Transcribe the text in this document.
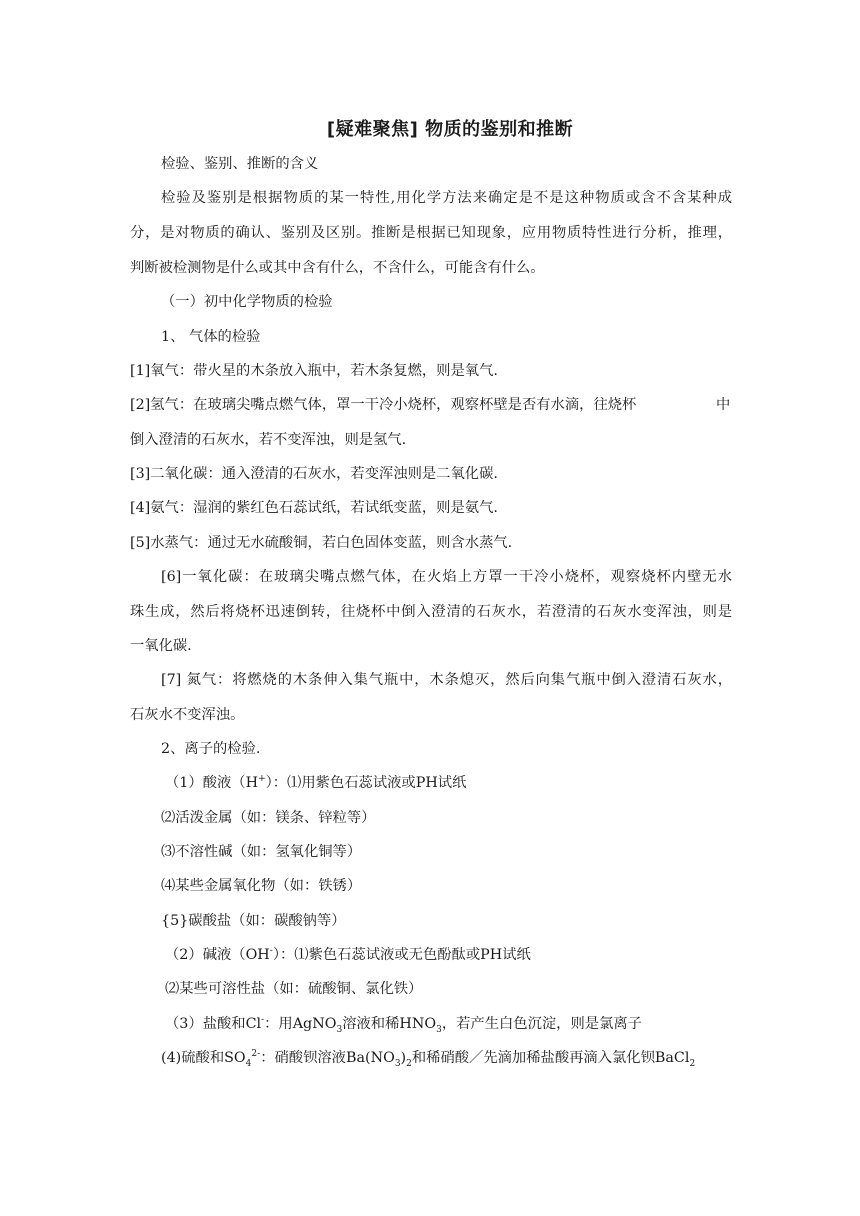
[疑难聚焦] 物质的鉴别和推断
检验、鉴别、推断的含义
检验及鉴别是根据物质的某一特性,用化学方法来确定是不是这种物质或含不含某种成
分，是对物质的确认、鉴别及区别。推断是根据已知现象，应用物质特性进行分析，推理，
判断被检测物是什么或其中含有什么，不含什么，可能含有什么。
（一）初中化学物质的检验
1、 气体的检验
[1]氧气：带火星的木条放入瓶中，若木条复燃，则是氧气.
[2]氢气：在玻璃尖嘴点燃气体，罩一干冷小烧杯，观察杯壁是否有水滴，往烧杯	中
倒入澄清的石灰水，若不变浑浊，则是氢气.
[3]二氧化碳：通入澄清的石灰水，若变浑浊则是二氧化碳.
[4]氨气：湿润的紫红色石蕊试纸，若试纸变蓝，则是氨气.
[5]水蒸气：通过无水硫酸铜，若白色固体变蓝，则含水蒸气.
[6]一氧化碳：在玻璃尖嘴点燃气体，在火焰上方罩一干冷小烧杯，观察烧杯内壁无水
珠生成，然后将烧杯迅速倒转，往烧杯中倒入澄清的石灰水，若澄清的石灰水变浑浊，则是
一氧化碳.
[7] 氮气：将燃烧的木条伸入集气瓶中，木条熄灭，然后向集气瓶中倒入澄清石灰水，
石灰水不变浑浊。
2、离子的检验.
（1）酸液（H+）：⑴用紫色石蕊试液或PH试纸
⑵活泼金属（如：镁条、锌粒等）
⑶不溶性碱（如：氢氧化铜等）
⑷某些金属氧化物（如：铁锈）
{5}碳酸盐（如：碳酸钠等）
（2）碱液（OH-）：⑴紫色石蕊试液或无色酚酞或PH试纸
⑵某些可溶性盐（如：硫酸铜、氯化铁）
（3）盐酸和Cl-：用AgNO$_3$溶液和稀$HNO_3$，若产生白色沉淀，则是氯离子
(4)硫酸和$SO_4^{2-}$：硝酸钡溶液$Ba(NO_3)_2$和稀硝酸／先滴加稀盐酸再滴入氯化钡BaCl$_2$
